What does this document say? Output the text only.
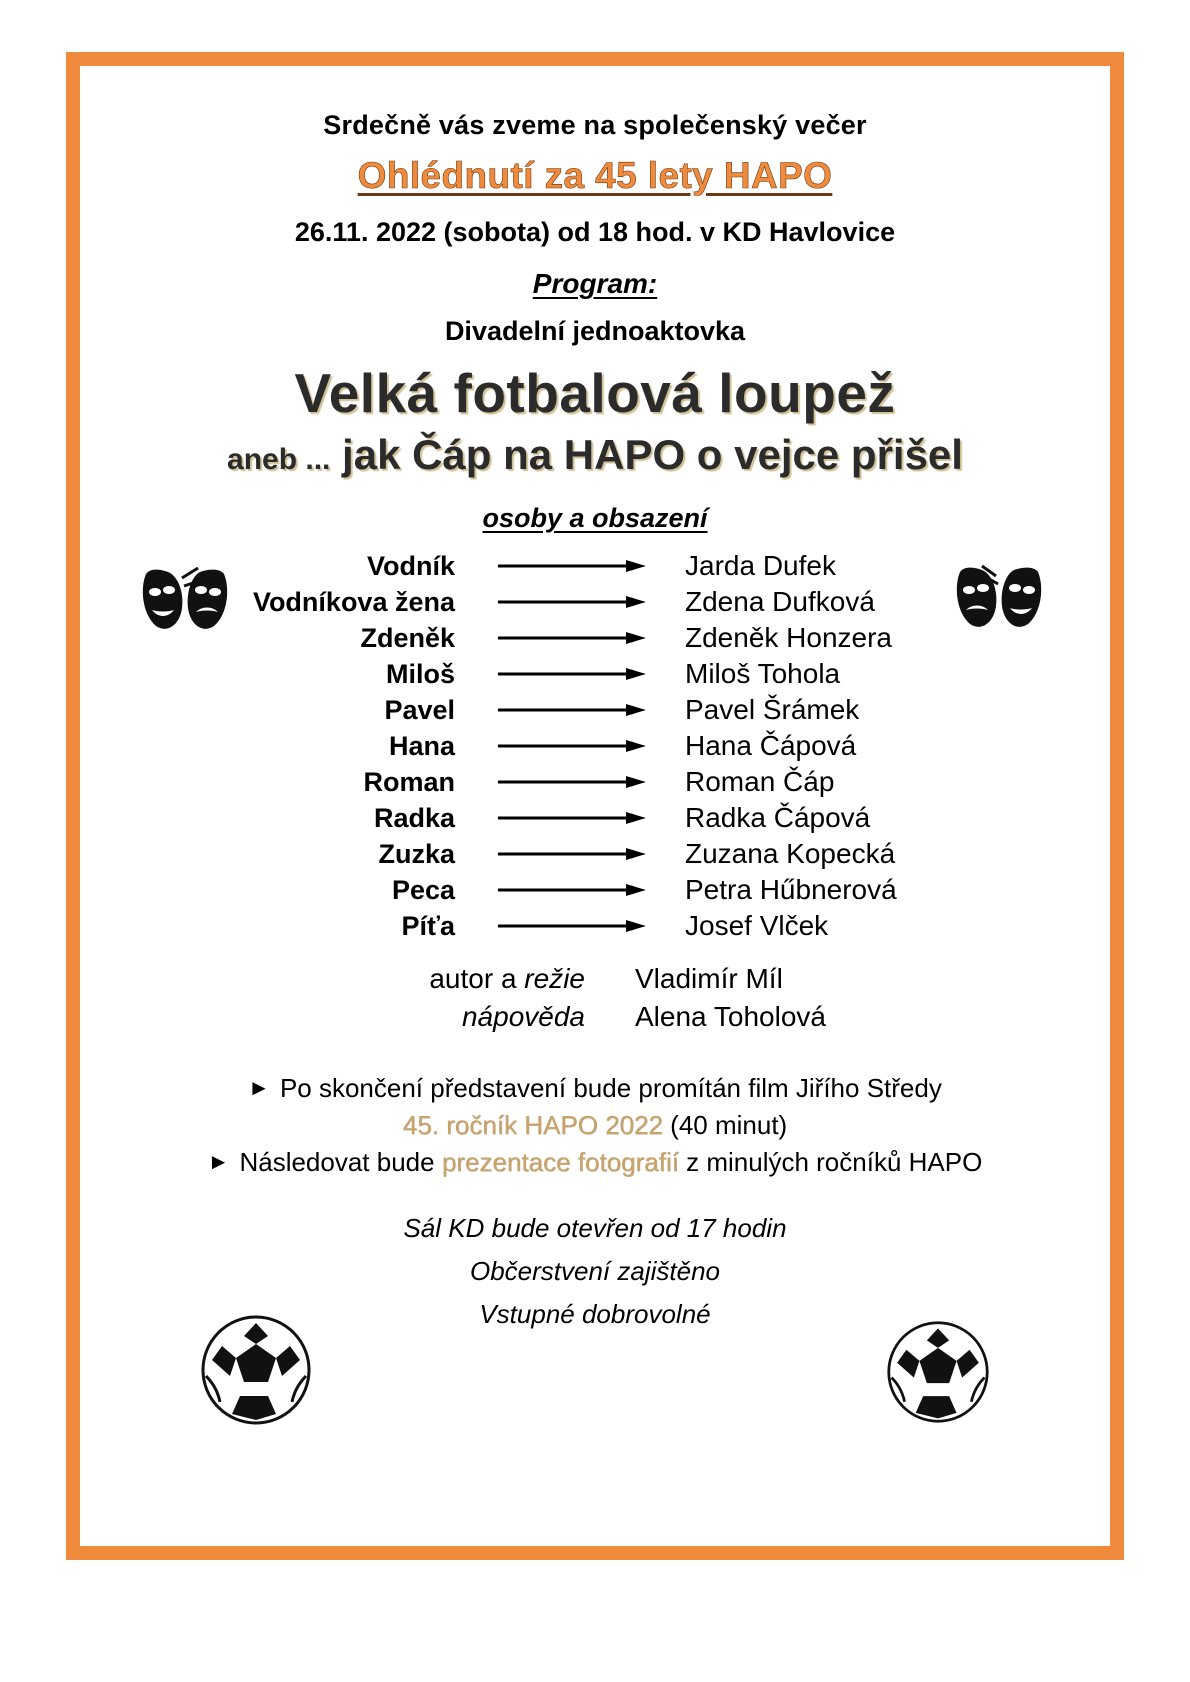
Srdečně vás zveme na společenský večer
Ohlédnutí za 45 lety HAPO
26.11. 2022 (sobota) od 18 hod. v KD Havlovice
Program:
Divadelní jednoaktovka
Velká fotbalová loupež
aneb ... jak Čáp na HAPO o vejce přišel
osoby a obsazení
Vodník		Jarda Dufek
Vodníkova žena		Zdena Dufková
Zdeněk		Zdeněk Honzera
Miloš		Miloš Tohola
Pavel		Pavel Šrámek
Hana		Hana Čápová
Roman		Roman Čáp
Radka		Radka Čápová
Zuzka		Zuzana Kopecká
Peca		Petra Hűbnerová
Píťa		Josef Vlček
autor a režie	Vladimír Míl
nápověda	Alena Toholová
► Po skončení představení bude promítán film Jiřího Středy
45. ročník HAPO 2022 (40 minut)
► Následovat bude prezentace fotografií z minulých ročníků HAPO
Sál KD bude otevřen od 17 hodin
Občerstvení zajištěno
Vstupné dobrovolné
